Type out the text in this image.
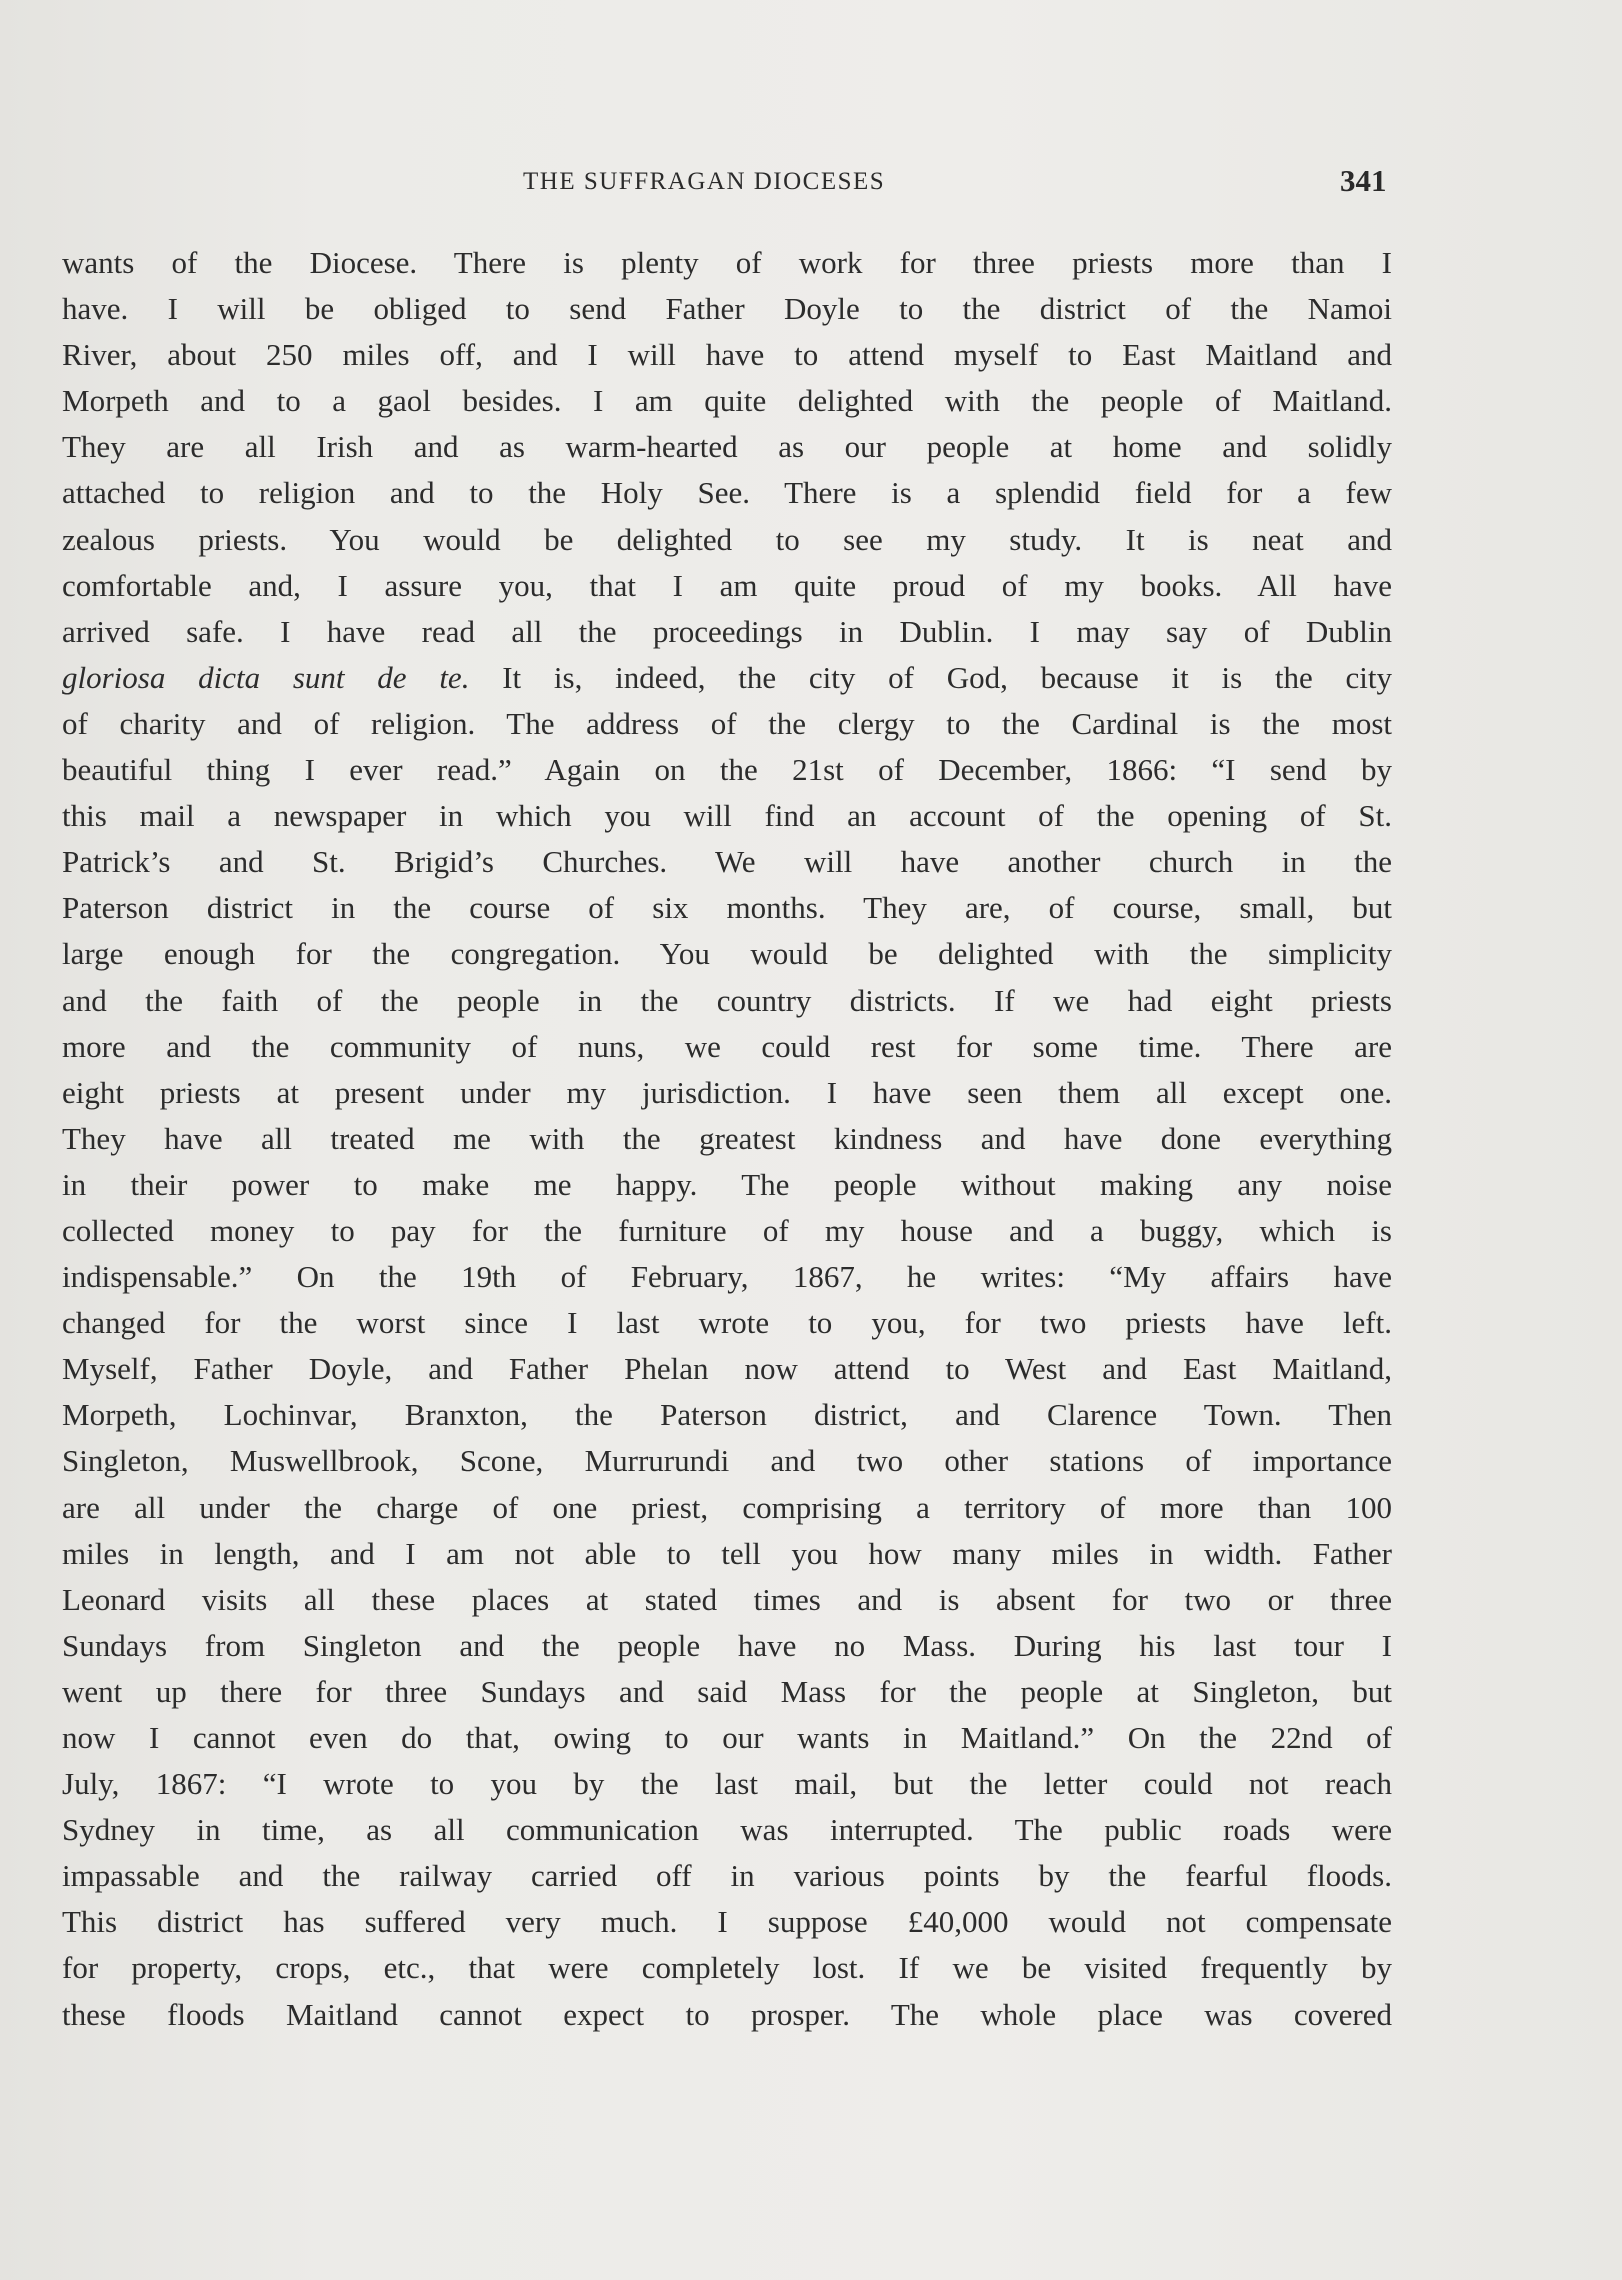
THE SUFFRAGAN DIOCESES	341
wants of the Diocese. There is plenty of work for three priests more than I
have. I will be obliged to send Father Doyle to the district of the Namoi
River, about 250 miles off, and I will have to attend myself to East Maitland and
Morpeth and to a gaol besides. I am quite delighted with the people of Maitland.
They are all Irish and as warm-hearted as our people at home and solidly
attached to religion and to the Holy See. There is a splendid field for a few
zealous priests. You would be delighted to see my study. It is neat and
comfortable and, I assure you, that I am quite proud of my books. All have
arrived safe. I have read all the proceedings in Dublin. I may say of Dublin
gloriosa dicta sunt de te. It is, indeed, the city of God, because it is the city
of charity and of religion. The address of the clergy to the Cardinal is the most
beautiful thing I ever read.” Again on the 21st of December, 1866: “I send by
this mail a newspaper in which you will find an account of the opening of St.
Patrick’s and St. Brigid’s Churches. We will have another church in the
Paterson district in the course of six months. They are, of course, small, but
large enough for the congregation. You would be delighted with the simplicity
and the faith of the people in the country districts. If we had eight priests
more and the community of nuns, we could rest for some time. There are
eight priests at present under my jurisdiction. I have seen them all except one.
They have all treated me with the greatest kindness and have done everything
in their power to make me happy. The people without making any noise
collected money to pay for the furniture of my house and a buggy, which is
indispensable.” On the 19th of February, 1867, he writes: “My affairs have
changed for the worst since I last wrote to you, for two priests have left.
Myself, Father Doyle, and Father Phelan now attend to West and East Maitland,
Morpeth, Lochinvar, Branxton, the Paterson district, and Clarence Town. Then
Singleton, Muswellbrook, Scone, Murrurundi and two other stations of importance
are all under the charge of one priest, comprising a territory of more than 100
miles in length, and I am not able to tell you how many miles in width. Father
Leonard visits all these places at stated times and is absent for two or three
Sundays from Singleton and the people have no Mass. During his last tour I
went up there for three Sundays and said Mass for the people at Singleton, but
now I cannot even do that, owing to our wants in Maitland.” On the 22nd of
July, 1867: “I wrote to you by the last mail, but the letter could not reach
Sydney in time, as all communication was interrupted. The public roads were
impassable and the railway carried off in various points by the fearful floods.
This district has suffered very much. I suppose £40,000 would not compensate
for property, crops, etc., that were completely lost. If we be visited frequently by
these floods Maitland cannot expect to prosper. The whole place was covered
